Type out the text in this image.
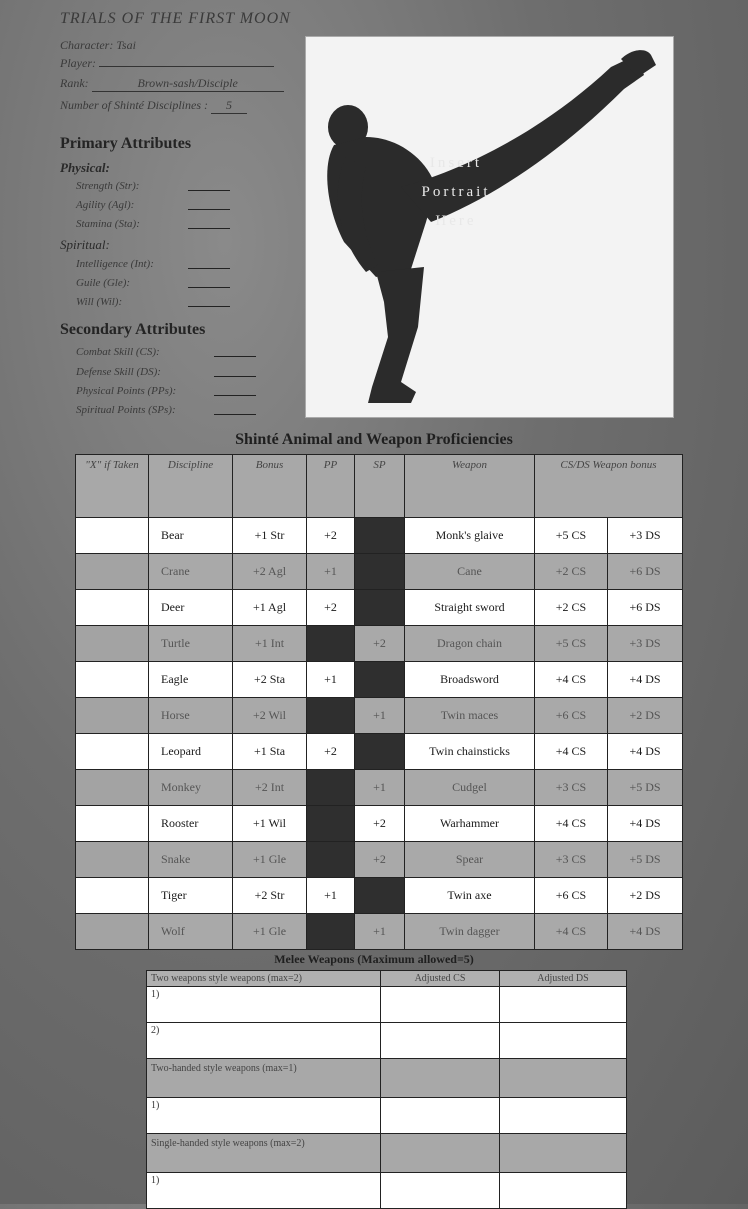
TRIALS OF THE FIRST MOON
Character: Tsai
Player:
Rank:	Brown-sash/Disciple
Number of Shinté Disciplines : 5
Primary Attributes
Physical:
Strength (Str):
Agility (Agl):
Stamina (Sta):
Spiritual:
Intelligence (Int):
Guile (Gle):
Will (Wil):
Secondary Attributes
Combat Skill (CS):
Defense Skill (DS):
Physical Points (PPs):
Spiritual Points (SPs):
Insert
Portrait
Here
Shinté Animal and Weapon Proficiencies
"X" if Taken	Discipline	Bonus	PP	SP	Weapon	CS/DS Weapon bonus	
	Bear	+1 Str	+2		Monk's glaive	+5 CS	+3 DS
	Crane	+2 Agl	+1		Cane	+2 CS	+6 DS
	Deer	+1 Agl	+2		Straight sword	+2 CS	+6 DS
	Turtle	+1 Int		+2	Dragon chain	+5 CS	+3 DS
	Eagle	+2 Sta	+1		Broadsword	+4 CS	+4 DS
	Horse	+2 Wil		+1	Twin maces	+6 CS	+2 DS
	Leopard	+1 Sta	+2		Twin chainsticks	+4 CS	+4 DS
	Monkey	+2 Int		+1	Cudgel	+3 CS	+5 DS
	Rooster	+1 Wil		+2	Warhammer	+4 CS	+4 DS
	Snake	+1 Gle		+2	Spear	+3 CS	+5 DS
	Tiger	+2 Str	+1		Twin axe	+6 CS	+2 DS
	Wolf	+1 Gle		+1	Twin dagger	+4 CS	+4 DS
Melee Weapons (Maximum allowed=5)
Two weapons style weapons (max=2)	Adjusted CS	Adjusted DS
1)		
2)		
Two-handed style weapons (max=1)		
1)		
Single-handed style weapons (max=2)		
1)		
